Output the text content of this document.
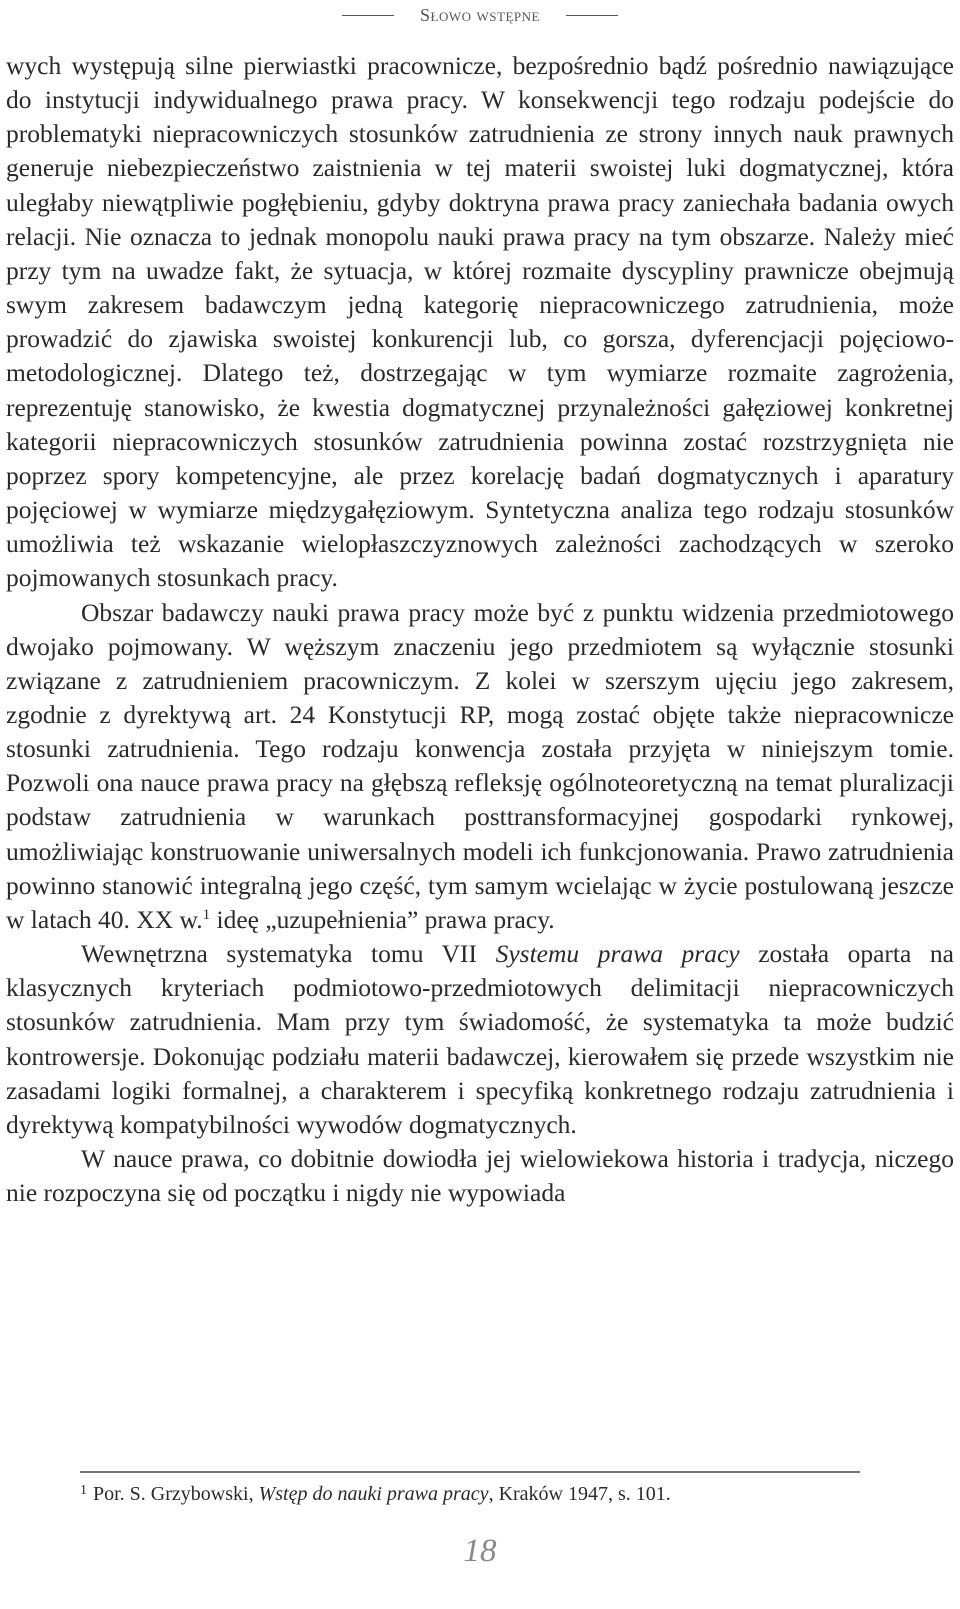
Słowo wstępne

wych występują silne pierwiastki pracownicze, bezpośrednio bądź pośrednio nawiązujące do instytucji indywidualnego prawa pracy. W konsekwencji tego rodzaju podejście do problematyki niepracowniczych stosunków zatrudnienia ze strony innych nauk prawnych generuje niebezpieczeństwo zaistnienia w tej materii swoistej luki dogmatycznej, która uległaby niewątpliwie pogłębieniu, gdyby doktryna prawa pracy zaniechała badania owych relacji. Nie oznacza to jednak monopolu nauki prawa pracy na tym obszarze. Należy mieć przy tym na uwadze fakt, że sytuacja, w której rozmaite dyscypliny prawnicze obejmują swym zakresem badawczym jedną kategorię niepracowniczego zatrudnienia, może prowadzić do zjawiska swoistej konkurencji lub, co gorsza, dyferencjacji pojęciowo-metodologicznej. Dlatego też, dostrzegając w tym wymiarze rozmaite zagrożenia, reprezentuję stanowisko, że kwestia dogmatycznej przynależności gałęziowej konkretnej kategorii niepracowniczych stosunków zatrudnienia powinna zostać rozstrzygnięta nie poprzez spory kompetencyjne, ale przez korelację badań dogmatycznych i aparatury pojęciowej w wymiarze międzygałęziowym. Syntetyczna analiza tego rodzaju stosunków umożliwia też wskazanie wielopłaszczyznowych zależności zachodzących w szeroko pojmowanych stosunkach pracy.

Obszar badawczy nauki prawa pracy może być z punktu widzenia przedmiotowego dwojako pojmowany. W węższym znaczeniu jego przedmiotem są wyłącznie stosunki związane z zatrudnieniem pracowniczym. Z kolei w szerszym ujęciu jego zakresem, zgodnie z dyrektywą art. 24 Konstytucji RP, mogą zostać objęte także niepracownicze stosunki zatrudnienia. Tego rodzaju konwencja została przyjęta w niniejszym tomie. Pozwoli ona nauce prawa pracy na głębszą refleksję ogólnoteoretyczną na temat pluralizacji podstaw zatrudnienia w warunkach posttransformacyjnej gospodarki rynkowej, umożliwiając konstruowanie uniwersalnych modeli ich funkcjonowania. Prawo zatrudnienia powinno stanowić integralną jego część, tym samym wcielając w życie postulowaną jeszcze w latach 40. XX w.$^1$ ideę „uzupełnienia” prawa pracy.

Wewnętrzna systematyka tomu VII Systemu prawa pracy została oparta na klasycznych kryteriach podmiotowo-przedmiotowych delimitacji niepracowniczych stosunków zatrudnienia. Mam przy tym świadomość, że systematyka ta może budzić kontrowersje. Dokonując podziału materii badawczej, kierowałem się przede wszystkim nie zasadami logiki formalnej, a charakterem i specyfiką konkretnego rodzaju zatrudnienia i dyrektywą kompatybilności wywodów dogmatycznych.

W nauce prawa, co dobitnie dowiodła jej wielowiekowa historia i tradycja, niczego nie rozpoczyna się od początku i nigdy nie wypowiada

$^1$ Por. S. Grzybowski, Wstęp do nauki prawa pracy, Kraków 1947, s. 101.
18
